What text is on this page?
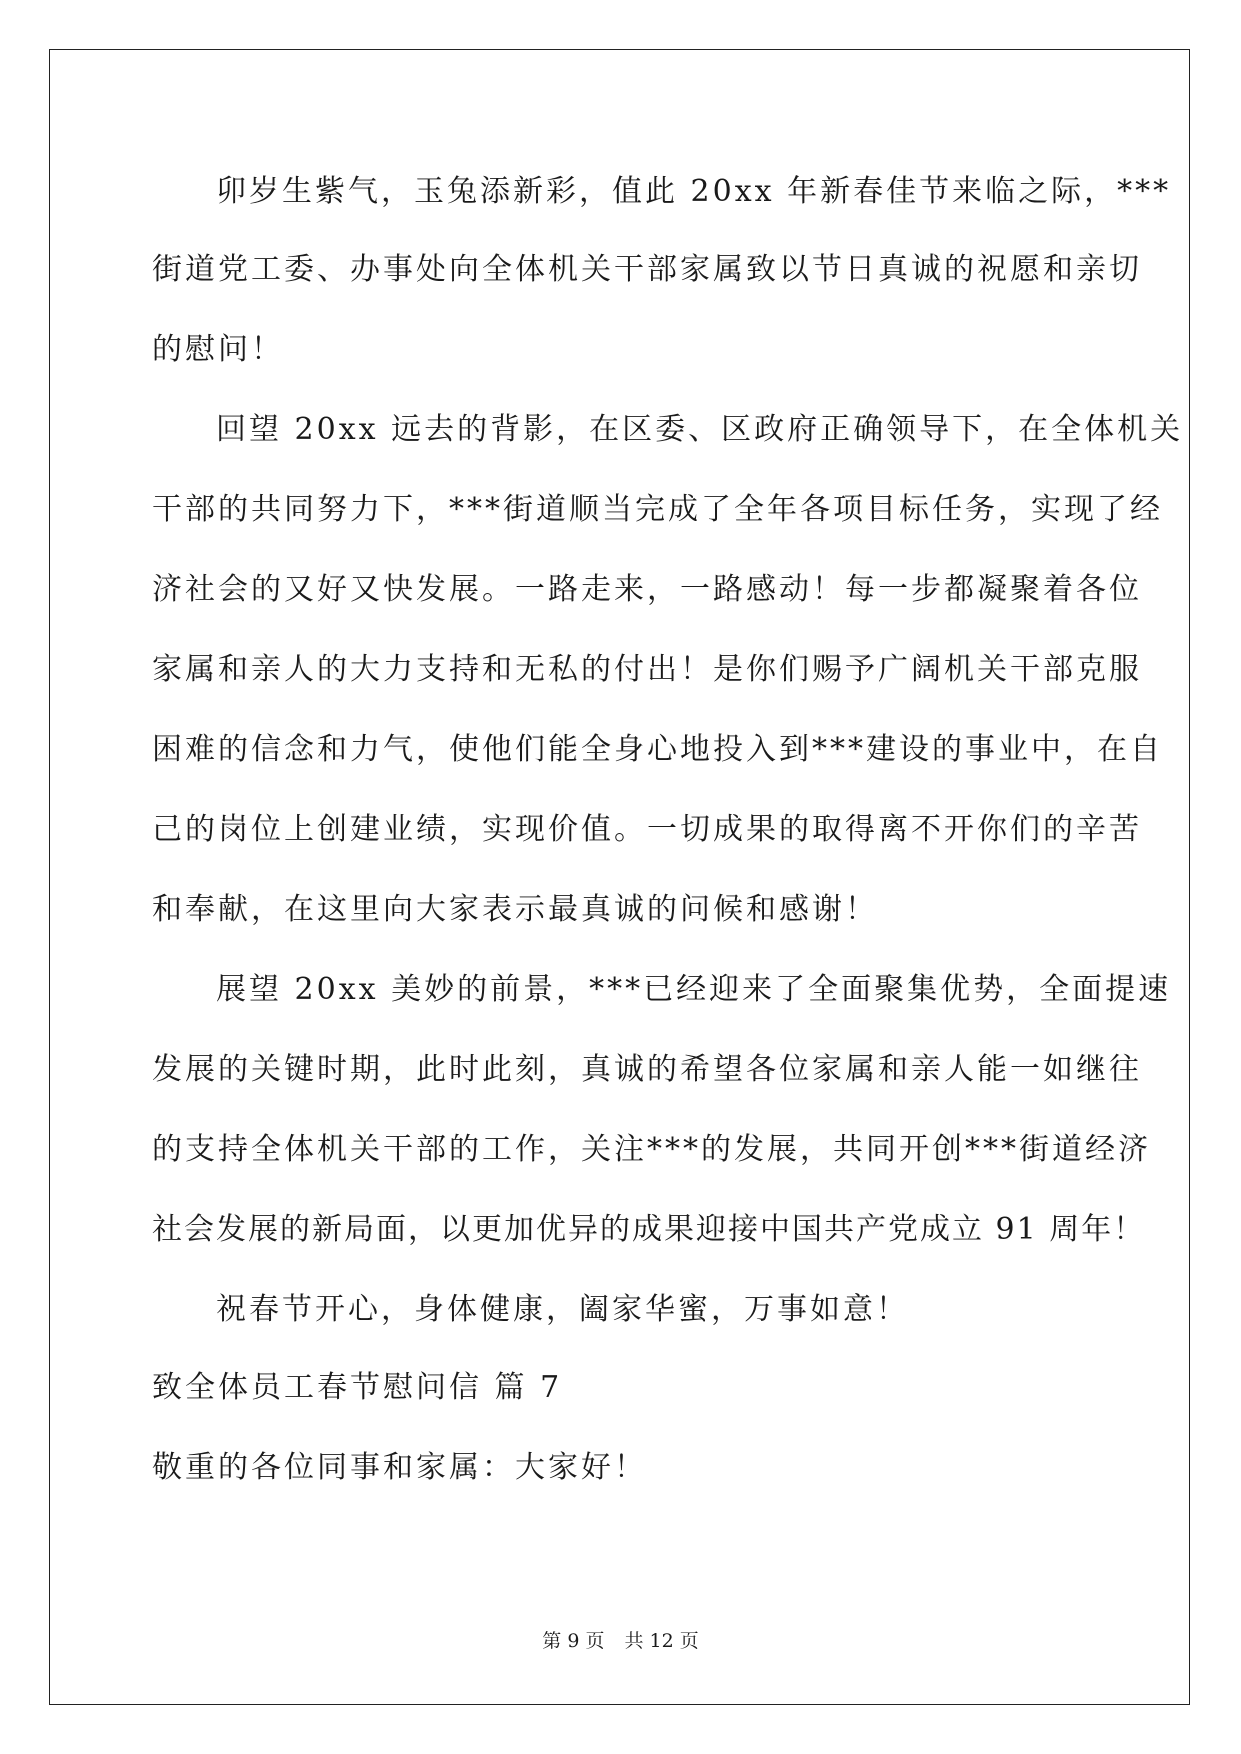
卯岁生紫气，玉兔添新彩，值此 20xx 年新春佳节来临之际，***
街道党工委、办事处向全体机关干部家属致以节日真诚的祝愿和亲切
的慰问！
回望 20xx 远去的背影，在区委、区政府正确领导下，在全体机关
干部的共同努力下，***街道顺当完成了全年各项目标任务，实现了经
济社会的又好又快发展。一路走来，一路感动！每一步都凝聚着各位
家属和亲人的大力支持和无私的付出！是你们赐予广阔机关干部克服
困难的信念和力气，使他们能全身心地投入到***建设的事业中，在自
己的岗位上创建业绩，实现价值。一切成果的取得离不开你们的辛苦
和奉献，在这里向大家表示最真诚的问候和感谢！
展望 20xx 美妙的前景，***已经迎来了全面聚集优势，全面提速
发展的关键时期，此时此刻，真诚的希望各位家属和亲人能一如继往
的支持全体机关干部的工作，关注***的发展，共同开创***街道经济
社会发展的新局面，以更加优异的成果迎接中国共产党成立 91 周年！
祝春节开心，身体健康，阖家华蜜，万事如意！
致全体员工春节慰问信 篇 7
敬重的各位同事和家属：大家好！
第 9 页 共 12 页
